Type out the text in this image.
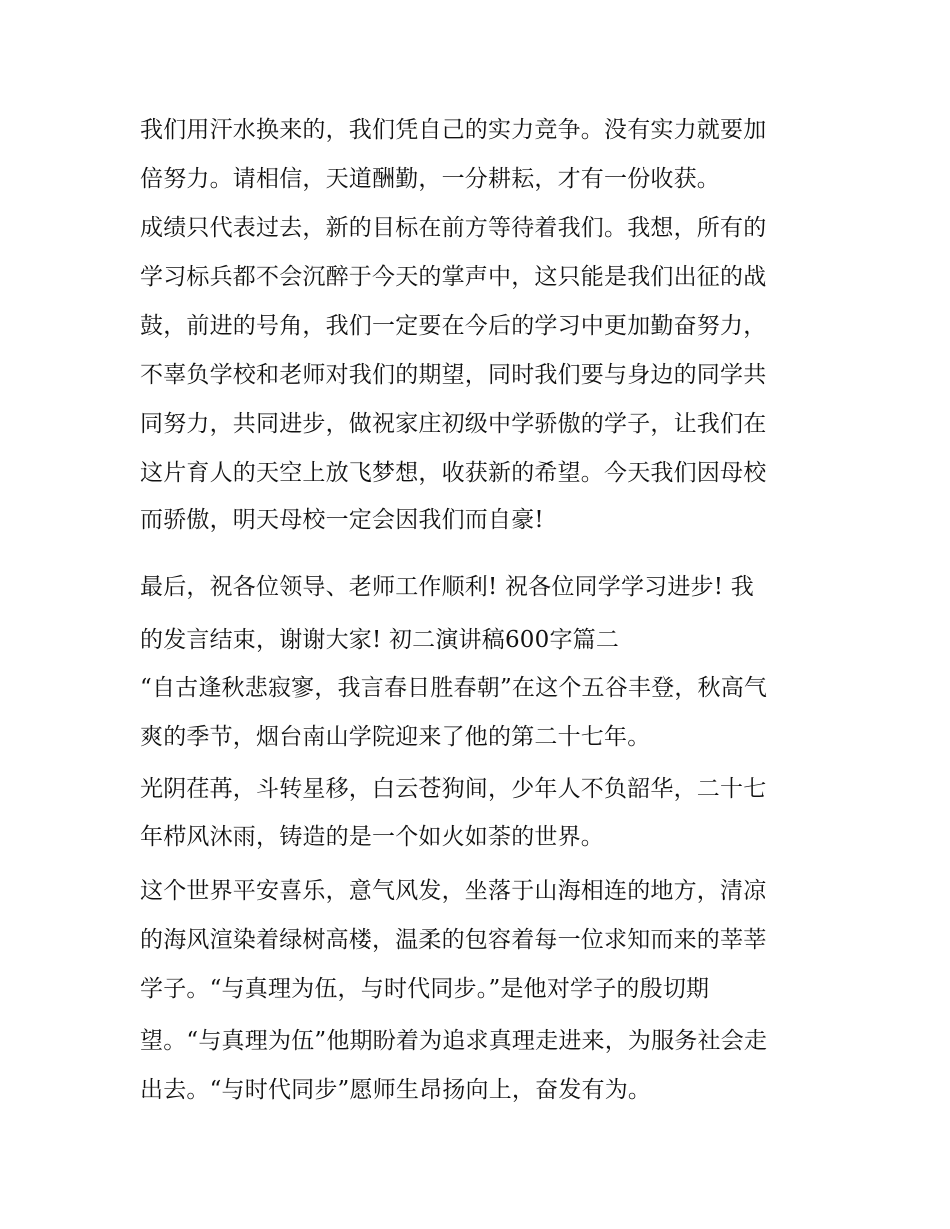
我们用汗水换来的，我们凭自己的实力竞争。没有实力就要加
倍努力。请相信，天道酬勤，一分耕耘，才有一份收获。
成绩只代表过去，新的目标在前方等待着我们。我想，所有的
学习标兵都不会沉醉于今天的掌声中，这只能是我们出征的战
鼓，前进的号角，我们一定要在今后的学习中更加勤奋努力，
不辜负学校和老师对我们的期望，同时我们要与身边的同学共
同努力，共同进步，做祝家庄初级中学骄傲的学子，让我们在
这片育人的天空上放飞梦想，收获新的希望。今天我们因母校
而骄傲，明天母校一定会因我们而自豪!
最后，祝各位领导、老师工作顺利! 祝各位同学学习进步! 我
的发言结束，谢谢大家! 初二演讲稿600字篇二
“自古逢秋悲寂寥，我言春日胜春朝”在这个五谷丰登，秋高气
爽的季节，烟台南山学院迎来了他的第二十七年。
光阴荏苒，斗转星移，白云苍狗间，少年人不负韶华，二十七
年栉风沐雨，铸造的是一个如火如荼的世界。
这个世界平安喜乐，意气风发，坐落于山海相连的地方，清凉
的海风渲染着绿树高楼，温柔的包容着每一位求知而来的莘莘
学子。“与真理为伍，与时代同步。”是他对学子的殷切期
望。“与真理为伍”他期盼着为追求真理走进来，为服务社会走
出去。“与时代同步”愿师生昂扬向上，奋发有为。
